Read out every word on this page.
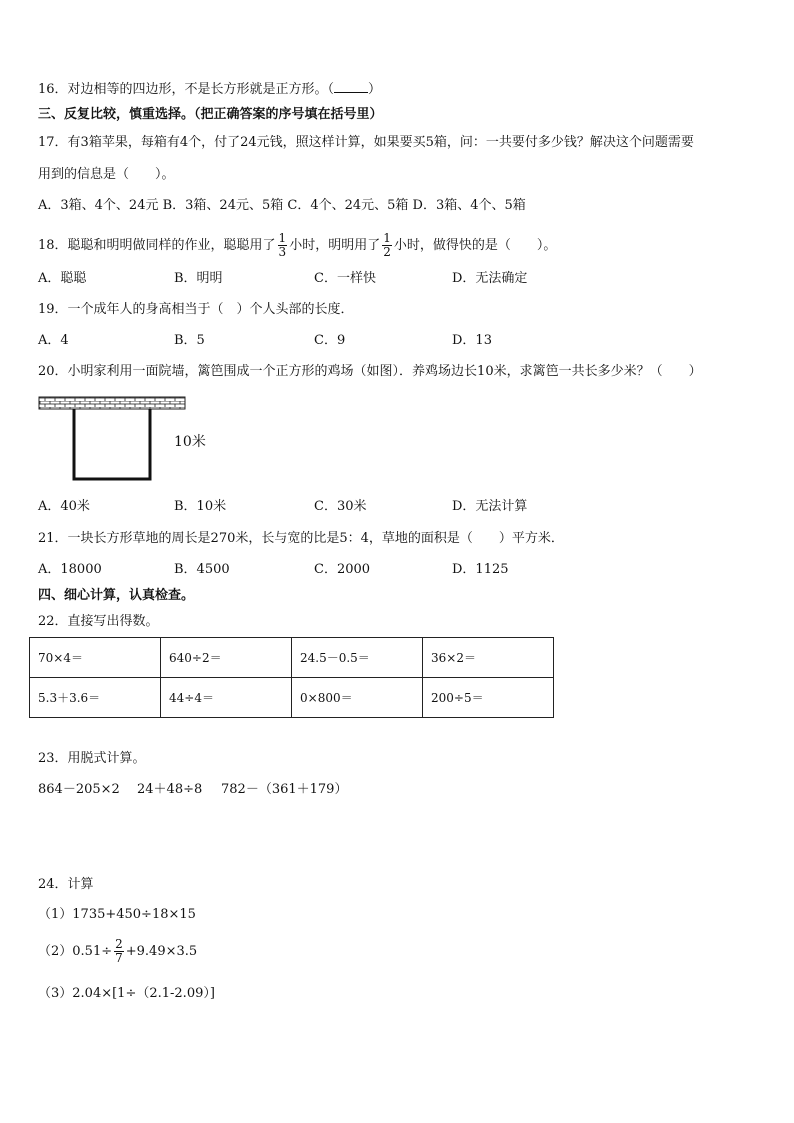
16．对边相等的四边形，不是长方形就是正方形。（	）
三、反复比较，慎重选择。（把正确答案的序号填在括号里）
17．有3箱苹果，每箱有4个，付了24元钱，照这样计算，如果要买5箱，问：一共要付多少钱？解决这个问题需要
用到的信息是（　　）。
A．3箱、4个、24元 B．3箱、24元、5箱 C．4个、24元、5箱 D．3箱、4个、5箱
18．聪聪和明明做同样的作业，聪聪用了 $\frac{1}{3}$ 小时，明明用了 $\frac{1}{2}$ 小时，做得快的是（　　）。
A．聪聪	B．明明	C．一样快	D．无法确定
19．一个成年人的身高相当于（　）个人头部的长度．
A．4	B．5	C．9	D．13
20．小明家利用一面院墙，篱笆围成一个正方形的鸡场（如图）．养鸡场边长10米，求篱笆一共长多少米？（　　）
10米
A．40米	B．10米	C．30米	D．无法计算
21．一块长方形草地的周长是270米，长与宽的比是5：4，草地的面积是（　　）平方米．
A．18000	B．4500	C．2000	D．1125
四、细心计算，认真检查。
22．直接写出得数。
70×4＝	640÷2＝	24.5－0.5＝	36×2＝
5.3＋3.6＝	44÷4＝	0×800＝	200÷5＝
23．用脱式计算。
864－205×2 24＋48÷8 782－（361＋179）
24．计算
（1）1735+450÷18×15
$(2)0.51\div \frac{2}{7} +9.49\times 3.5$
（3）2.04×[1÷（2.1-2.09）]
